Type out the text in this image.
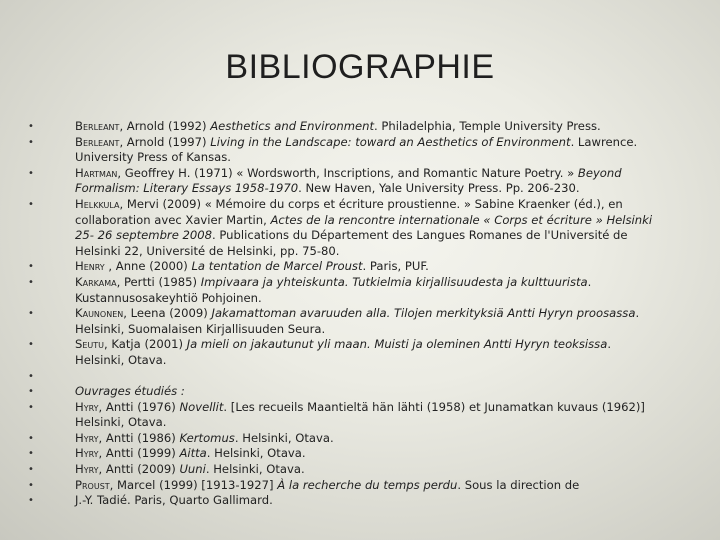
BIBLIOGRAPHIE
• Berleant, Arnold (1992) Aesthetics and Environment. Philadelphia, Temple University Press.
• Berleant, Arnold (1997) Living in the Landscape: toward an Aesthetics of Environment. Lawrence.
University Press of Kansas.
• Hartman, Geoffrey H. (1971) « Wordsworth, Inscriptions, and Romantic Nature Poetry. » Beyond
Formalism: Literary Essays 1958-1970. New Haven, Yale University Press. Pp. 206-230.
• Helkkula, Mervi (2009) « Mémoire du corps et écriture proustienne. » Sabine Kraenker (éd.), en
collaboration avec Xavier Martin, Actes de la rencontre internationale « Corps et écriture » Helsinki
25- 26 septembre 2008. Publications du Département des Langues Romanes de l'Université de
Helsinki 22, Université de Helsinki, pp. 75-80.
• Henry , Anne (2000) La tentation de Marcel Proust. Paris, PUF.
• Karkama, Pertti (1985) Impivaara ja yhteiskunta. Tutkielmia kirjallisuudesta ja kulttuurista.
Kustannusosakeyhtiö Pohjoinen.
• Kaunonen, Leena (2009) Jakamattoman avaruuden alla. Tilojen merkityksiä Antti Hyryn proosassa.
Helsinki, Suomalaisen Kirjallisuuden Seura.
• Seutu, Katja (2001) Ja mieli on jakautunut yli maan. Muisti ja oleminen Antti Hyryn teoksissa.
Helsinki, Otava.
•
• Ouvrages étudiés :
• Hyry, Antti (1976) Novellit. [Les recueils Maantieltä hän lähti (1958) et Junamatkan kuvaus (1962)]
Helsinki, Otava.
• Hyry, Antti (1986) Kertomus. Helsinki, Otava.
• Hyry, Antti (1999) Aitta. Helsinki, Otava.
• Hyry, Antti (2009) Uuni. Helsinki, Otava.
• Proust, Marcel (1999) [1913-1927] À la recherche du temps perdu. Sous la direction de
• J.-Y. Tadié. Paris, Quarto Gallimard.
